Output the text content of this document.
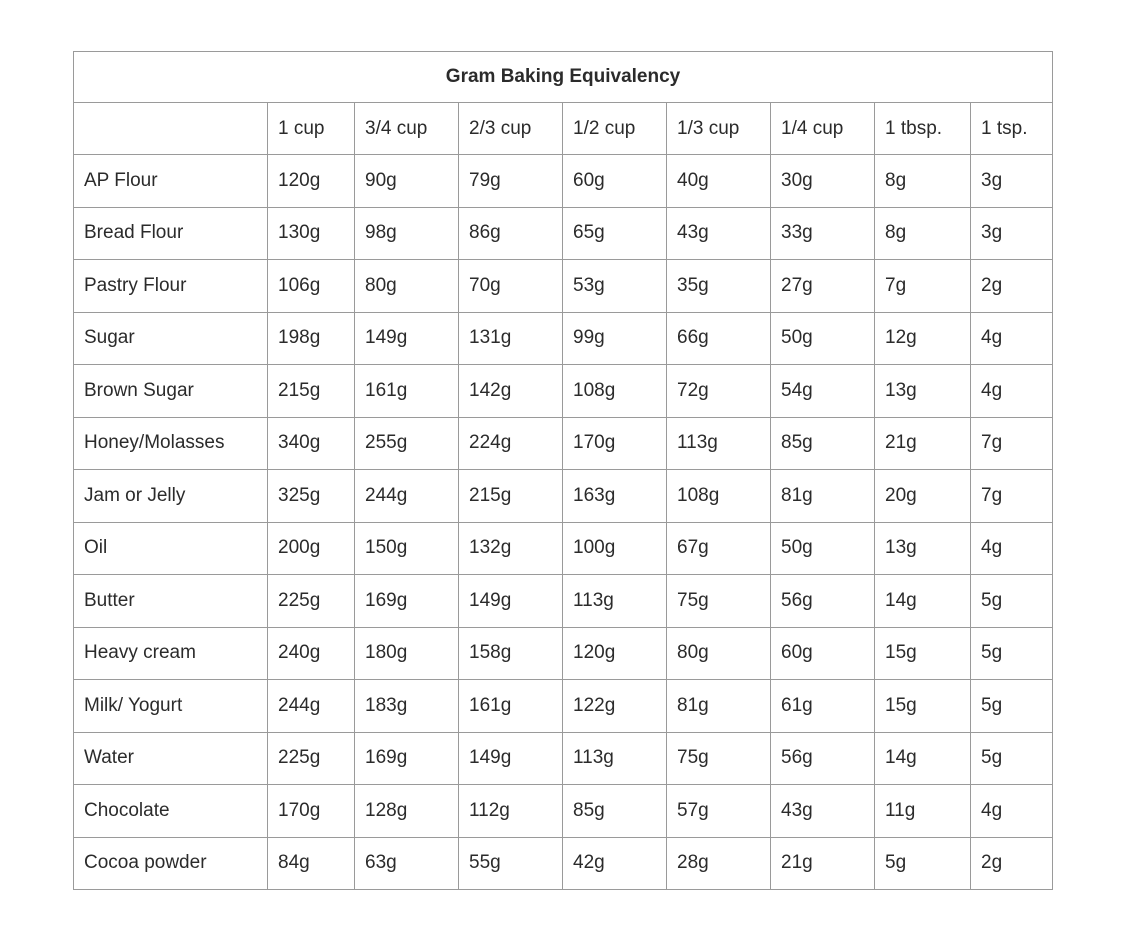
Gram Baking Equivalency								
	1 cup	3/4 cup	2/3 cup	1/2 cup	1/3 cup	1/4 cup	1 tbsp.	1 tsp.
AP Flour	120g	90g	79g	60g	40g	30g	8g	3g
Bread Flour	130g	98g	86g	65g	43g	33g	8g	3g
Pastry Flour	106g	80g	70g	53g	35g	27g	7g	2g
Sugar	198g	149g	131g	99g	66g	50g	12g	4g
Brown Sugar	215g	161g	142g	108g	72g	54g	13g	4g
Honey/Molasses	340g	255g	224g	170g	113g	85g	21g	7g
Jam or Jelly	325g	244g	215g	163g	108g	81g	20g	7g
Oil	200g	150g	132g	100g	67g	50g	13g	4g
Butter	225g	169g	149g	113g	75g	56g	14g	5g
Heavy cream	240g	180g	158g	120g	80g	60g	15g	5g
Milk/ Yogurt	244g	183g	161g	122g	81g	61g	15g	5g
Water	225g	169g	149g	113g	75g	56g	14g	5g
Chocolate	170g	128g	112g	85g	57g	43g	11g	4g
Cocoa powder	84g	63g	55g	42g	28g	21g	5g	2g
